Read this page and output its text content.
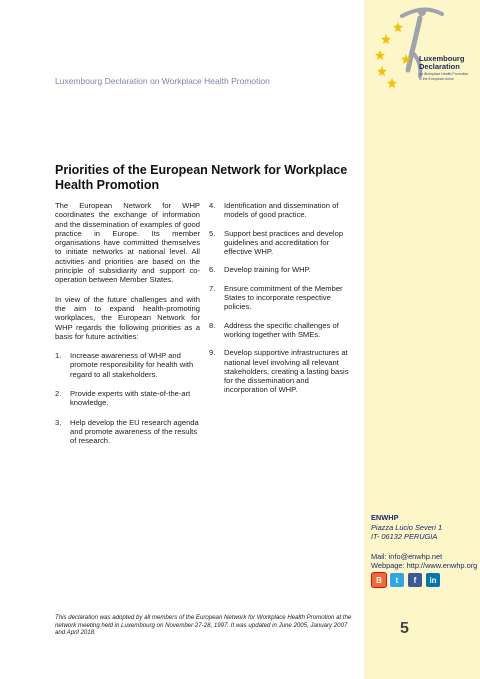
Luxembourg
Declaration
on Workplace Health Promotion
in the European Union
Luxembourg Declaration on Workplace Health Promotion
Priorities of the European Network for Workplace Health Promotion

The European Network for WHP coordinates the exchange of information and the dissemination of examples of good practice in Europe. Its member organisations have committed themselves to initiate networks at national level. All activities and priorities are based on the principle of subsidiarity and support co-operation between Member States.

In view of the future challenges and with the aim to expand health-promoting workplaces, the European Network for WHP regards the following priorities as a basis for future activities:

1. Increase awareness of WHP and promote responsibility for health with regard to all stakeholders.
2. Provide experts with state-of-the-art knowledge.
3. Help develop the EU research agenda and promote awareness of the results of research.
4. Identification and dissemination of models of good practice.
5. Support best practices and develop guidelines and accreditation for effective WHP.
6. Develop training for WHP.
7. Ensure commitment of the Member States to incorporate respective policies.
8. Address the specific challenges of working together with SMEs.
9. Develop supportive infrastructures at national level involving all relevant stakeholders, creating a lasting basis for the dissemination and incorporation of WHP.
ENWHP
Piazza Lucio Severi 1
IT- 06132 PERUGIA
Mail: info@enwhp.net
Webpage: http://www.enwhp.org
B	t	f	in
This declaration was adopted by all members of the European Network for Workplace Health Promotion at the network meeting held in Luxembourg on November 27-28, 1997. It was updated in June 2005, January 2007 and April 2018.	5
